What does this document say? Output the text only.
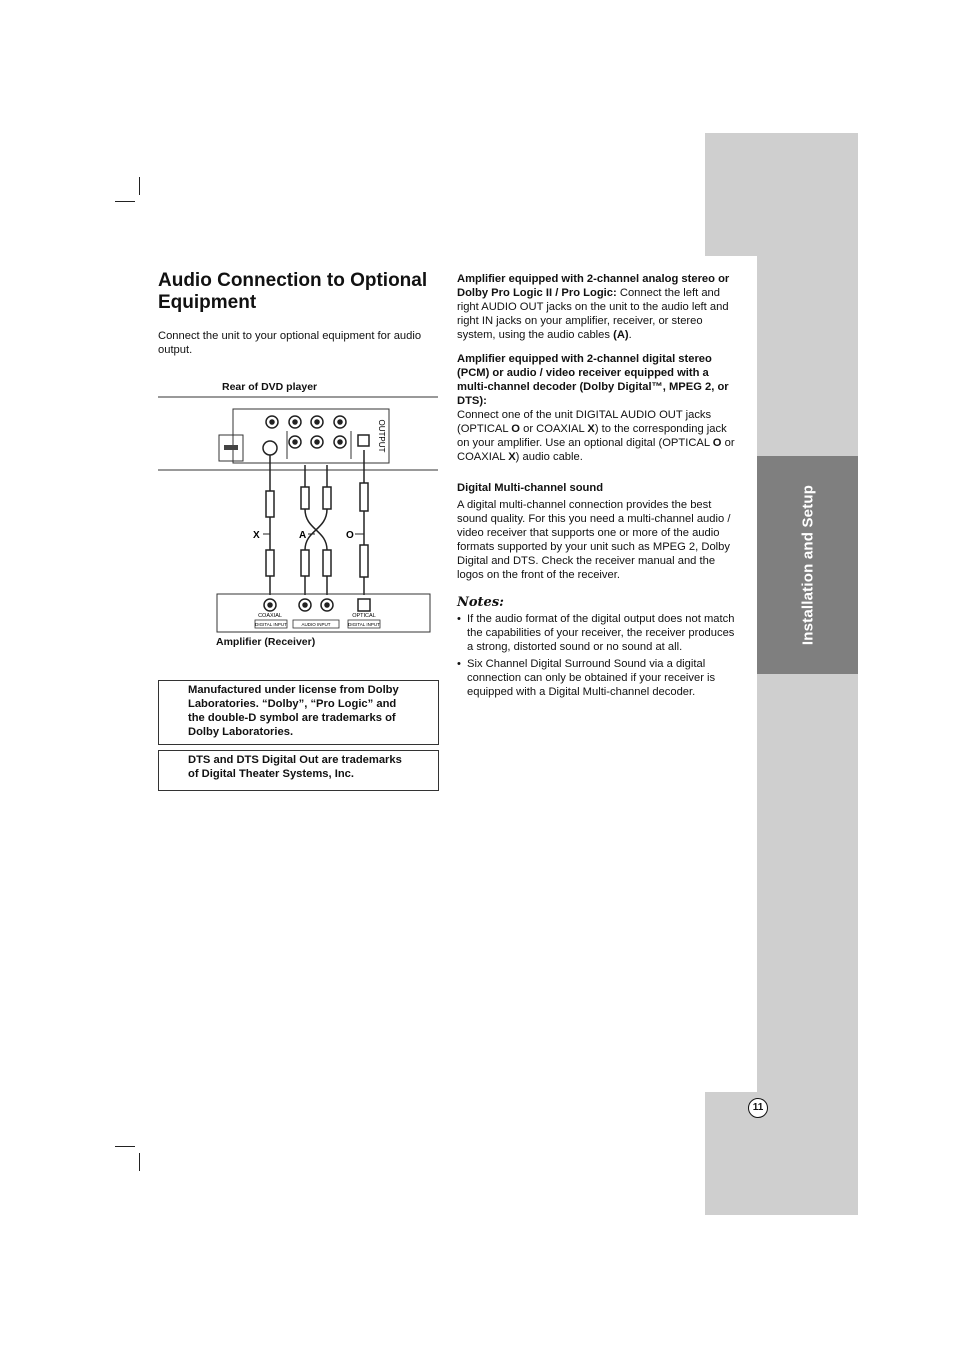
Installation and Setup
11
Audio Connection to Optional Equipment

Connect the unit to your optional equipment for audio output.

Rear of DVD player
OUTPUT
X	A	O
COAXIAL	OPTICAL
DIGITAL INPUT	AUDIO INPUT	DIGITAL INPUT
Amplifier (Receiver)

Manufactured under license from Dolby Laboratories. “Dolby”, “Pro Logic” and the double-D symbol are trademarks of Dolby Laboratories.

DTS and DTS Digital Out are trademarks of Digital Theater Systems, Inc.

Amplifier equipped with 2-channel analog stereo or Dolby Pro Logic II / Pro Logic: Connect the left and right AUDIO OUT jacks on the unit to the audio left and right IN jacks on your amplifier, receiver, or stereo system, using the audio cables (A).

Amplifier equipped with 2-channel digital stereo (PCM) or audio / video receiver equipped with a multi-channel decoder (Dolby Digital™, MPEG 2, or DTS):

Connect one of the unit DIGITAL AUDIO OUT jacks (OPTICAL O or COAXIAL X) to the corresponding jack on your amplifier. Use an optional digital (OPTICAL O or COAXIAL X) audio cable.

Digital Multi-channel sound

A digital multi-channel connection provides the best sound quality. For this you need a multi-channel audio / video receiver that supports one or more of the audio formats supported by your unit such as MPEG 2, Dolby Digital and DTS. Check the receiver manual and the logos on the front of the receiver.

Notes:
• If the audio format of the digital output does not match the capabilities of your receiver, the receiver produces a strong, distorted sound or no sound at all.
• Six Channel Digital Surround Sound via a digital connection can only be obtained if your receiver is equipped with a Digital Multi-channel decoder.
